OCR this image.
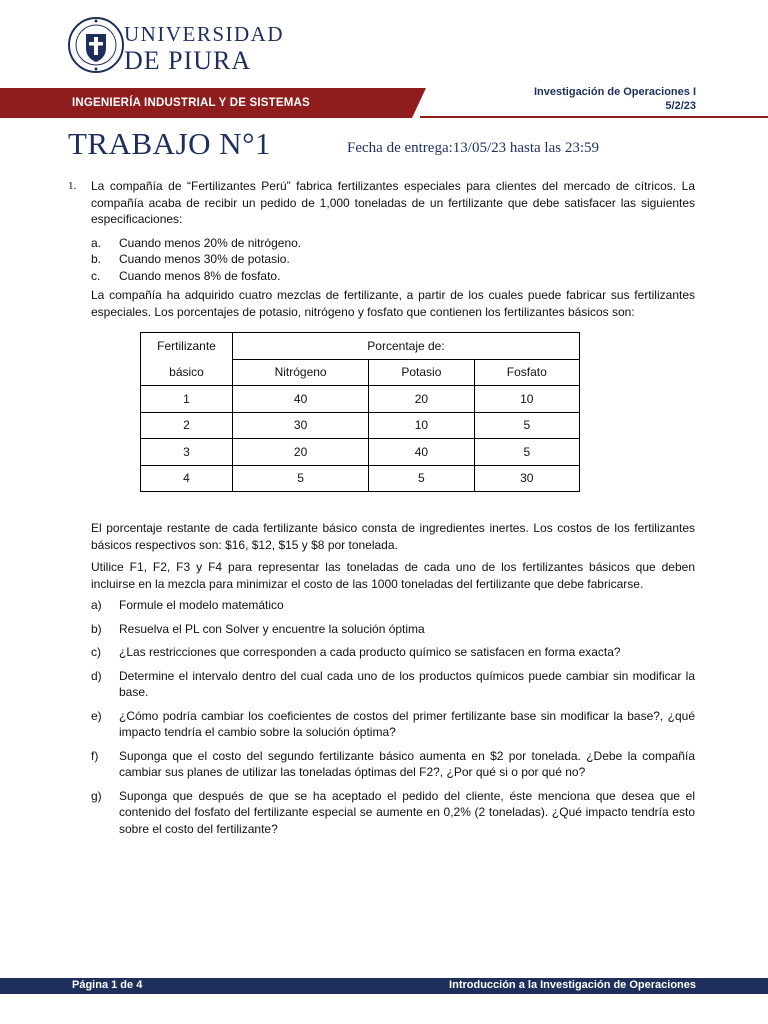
UNIVERSIDAD
DE PIURA
Investigación de Operaciones I
5/2/23
INGENIERÍA INDUSTRIAL Y DE SISTEMAS
TRABAJO N°1	Fecha de entrega:13/05/23 hasta las 23:59
1.	La compañía de “Fertilizantes Perú” fabrica fertilizantes especiales para clientes del mercado de cítricos. La compañía acaba de recibir un pedido de 1,000 toneladas de un fertilizante que debe satisfacer las siguientes especificaciones:
a.	Cuando menos 20% de nitrógeno.
b.	Cuando menos 30% de potasio.
c.	Cuando menos 8% de fosfato.
La compañía ha adquirido cuatro mezclas de fertilizante, a partir de los cuales puede fabricar sus fertilizantes especiales. Los porcentajes de potasio, nitrógeno y fosfato que contienen los fertilizantes básicos son:
Fertilizante	Porcentaje de:		
básico	Nitrógeno	Potasio	Fosfato
1	40	20	10
2	30	10	5
3	20	40	5
4	5	5	30
El porcentaje restante de cada fertilizante básico consta de ingredientes inertes. Los costos de los fertilizantes básicos respectivos son: $16, $12, $15 y $8 por tonelada.
Utilice F1, F2, F3 y F4 para representar las toneladas de cada uno de los fertilizantes básicos que deben incluirse en la mezcla para minimizar el costo de las 1000 toneladas del fertilizante que debe fabricarse.
a)	Formule el modelo matemático
b)	Resuelva el PL con Solver y encuentre la solución óptima
c)	¿Las restricciones que corresponden a cada producto químico se satisfacen en forma exacta?
d)	Determine el intervalo dentro del cual cada uno de los productos químicos puede cambiar sin modificar la base.
e)	¿Cómo podría cambiar los coeficientes de costos del primer fertilizante base sin modificar la base?, ¿qué impacto tendría el cambio sobre la solución óptima?
f)	Suponga que el costo del segundo fertilizante básico aumenta en $2 por tonelada. ¿Debe la compañía cambiar sus planes de utilizar las toneladas óptimas del F2?, ¿Por qué si o por qué no?
g)	Suponga que después de que se ha aceptado el pedido del cliente, éste menciona que desea que el contenido del fosfato del fertilizante especial se aumente en 0,2% (2 toneladas). ¿Qué impacto tendría esto sobre el costo del fertilizante?
Página 1 de 4	Introducción a la Investigación de Operaciones
